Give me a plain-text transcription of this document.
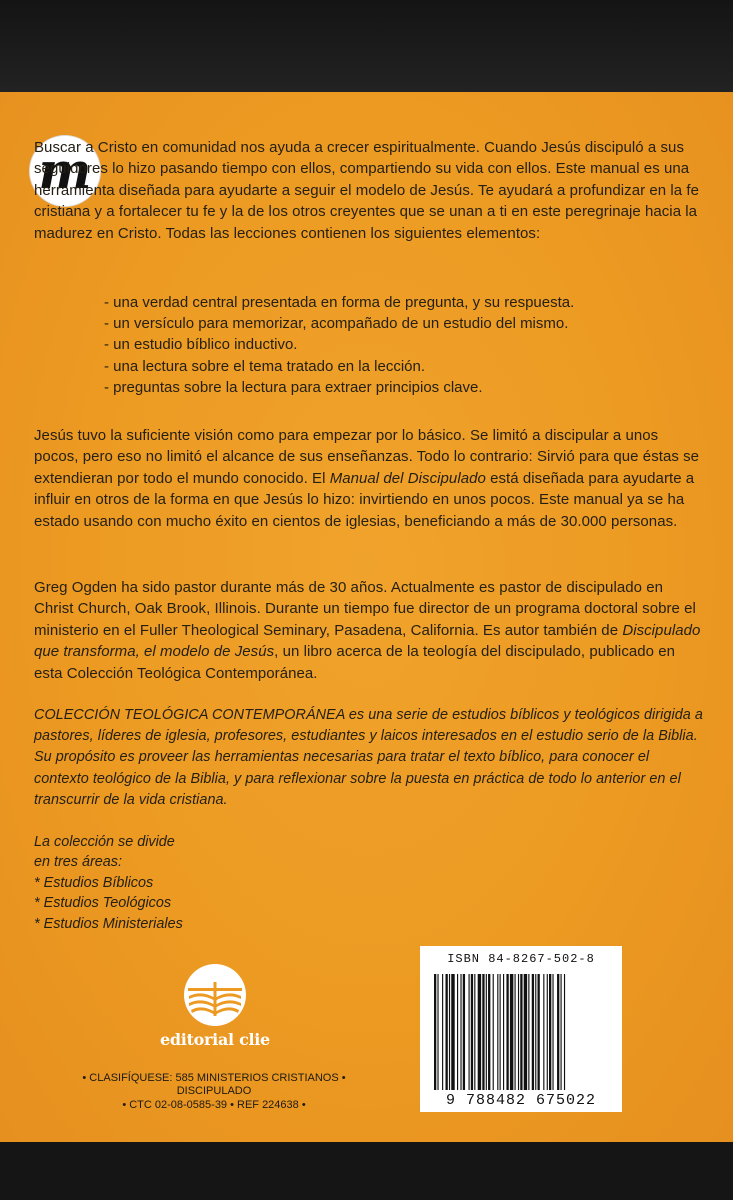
m
Buscar a Cristo en comunidad nos ayuda a crecer espiritualmente. Cuando Jesús discipuló a sus seguidores lo hizo pasando tiempo con ellos, compartiendo su vida con ellos. Este manual es una herramienta diseñada para ayudarte a seguir el modelo de Jesús. Te ayudará a profundizar en la fe cristiana y a fortalecer tu fe y la de los otros creyentes que se unan a ti en este peregrinaje hacia la madurez en Cristo. Todas las lecciones contienen los siguientes elementos:
- una verdad central presentada en forma de pregunta, y su respuesta.
- un versículo para memorizar, acompañado de un estudio del mismo.
- un estudio bíblico inductivo.
- una lectura sobre el tema tratado en la lección.
- preguntas sobre la lectura para extraer principios clave.
Jesús tuvo la suficiente visión como para empezar por lo básico. Se limitó a discipular a unos pocos, pero eso no limitó el alcance de sus enseñanzas. Todo lo contrario: Sirvió para que éstas se extendieran por todo el mundo conocido. El Manual del Discipulado está diseñada para ayudarte a influir en otros de la forma en que Jesús lo hizo: invirtiendo en unos pocos. Este manual ya se ha estado usando con mucho éxito en cientos de iglesias, beneficiando a más de 30.000 personas.
Greg Ogden ha sido pastor durante más de 30 años. Actualmente es pastor de discipulado en Christ Church, Oak Brook, Illinois. Durante un tiempo fue director de un programa doctoral sobre el ministerio en el Fuller Theological Seminary, Pasadena, California. Es autor también de Discipulado que transforma, el modelo de Jesús, un libro acerca de la teología del discipulado, publicado en esta Colección Teológica Contemporánea.
COLECCIÓN TEOLÓGICA CONTEMPORÁNEA es una serie de estudios bíblicos y teológicos dirigida a pastores, líderes de iglesia, profesores, estudiantes y laicos interesados en el estudio serio de la Biblia. Su propósito es proveer las herramientas necesarias para tratar el texto bíblico, para conocer el contexto teológico de la Biblia, y para reflexionar sobre la puesta en práctica de todo lo anterior en el transcurrir de la vida cristiana.
La colección se divide
en tres áreas:
* Estudios Bíblicos
* Estudios Teológicos
* Estudios Ministeriales
editorial clie
• CLASIFÍQUESE: 585 MINISTERIOS CRISTIANOS •
DISCIPULADO
• CTC 02-08-0585-39 • REF 224638 •
ISBN 84-8267-502-8
9 788482 675022
